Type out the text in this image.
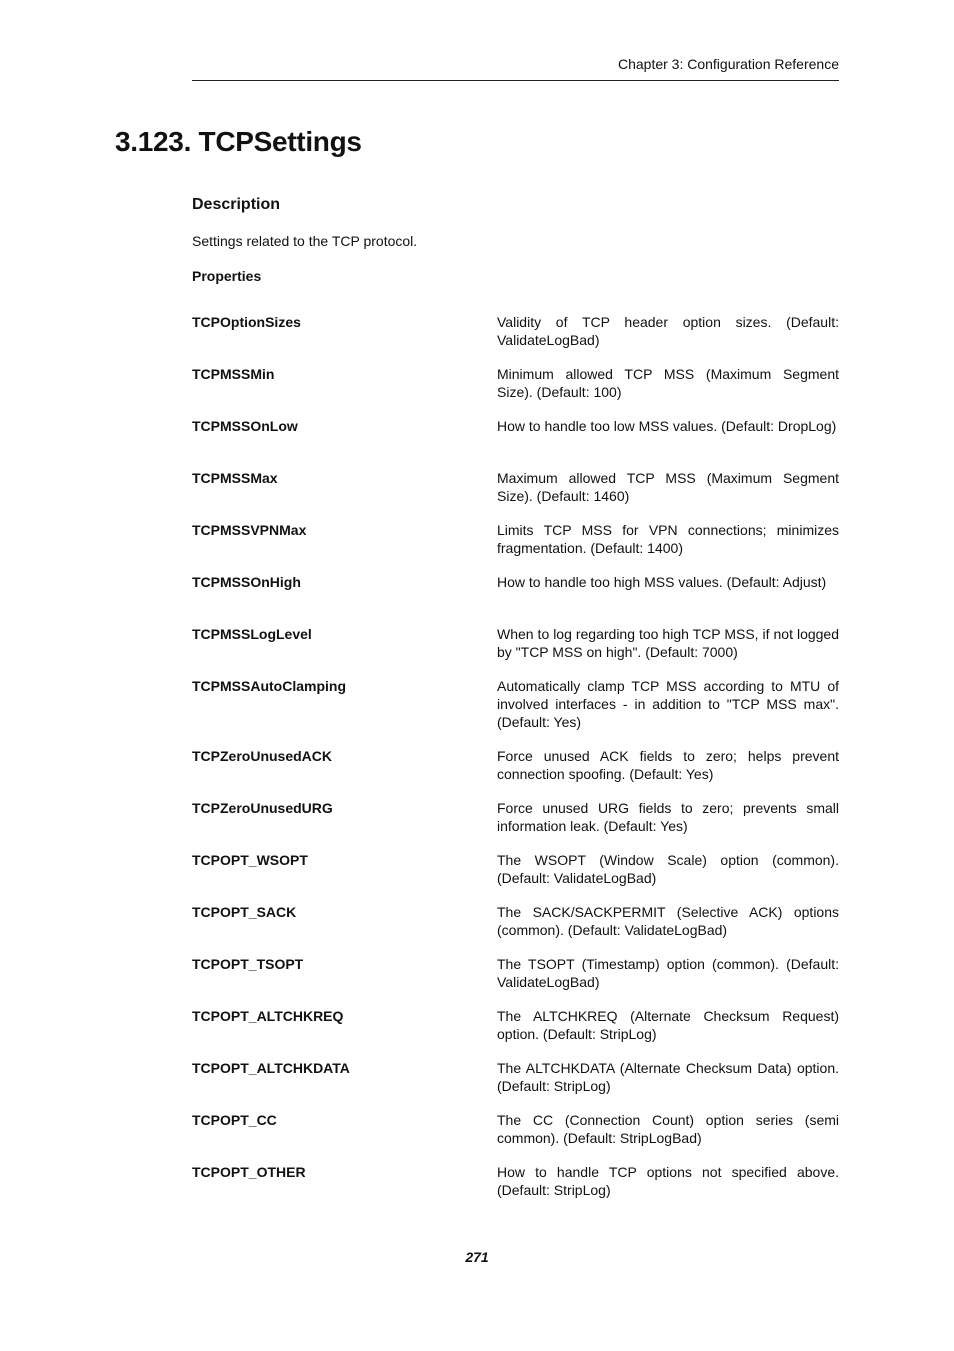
Chapter 3: Configuration Reference
3.123. TCPSettings
Description
Settings related to the TCP protocol.
Properties
TCPOptionSizes	Validity of TCP header option sizes. (Default: ValidateLogBad)
TCPMSSMin	Minimum allowed TCP MSS (Maximum Segment Size). (Default: 100)
TCPMSSOnLow	How to handle too low MSS values. (Default: DropLog)
TCPMSSMax	Maximum allowed TCP MSS (Maximum Segment Size). (Default: 1460)
TCPMSSVPNMax	Limits TCP MSS for VPN connections; minimizes fragmentation. (Default: 1400)
TCPMSSOnHigh	How to handle too high MSS values. (Default: Adjust)
TCPMSSLogLevel	When to log regarding too high TCP MSS, if not logged by "TCP MSS on high". (Default: 7000)
TCPMSSAutoClamping	Automatically clamp TCP MSS according to MTU of involved interfaces - in addition to "TCP MSS max". (Default: Yes)
TCPZeroUnusedACK	Force unused ACK fields to zero; helps prevent connection spoofing. (Default: Yes)
TCPZeroUnusedURG	Force unused URG fields to zero; prevents small information leak. (Default: Yes)
TCPOPT_WSOPT	The WSOPT (Window Scale) option (common). (Default: ValidateLogBad)
TCPOPT_SACK	The SACK/SACKPERMIT (Selective ACK) options (common). (Default: ValidateLogBad)
TCPOPT_TSOPT	The TSOPT (Timestamp) option (common). (Default: ValidateLogBad)
TCPOPT_ALTCHKREQ	The ALTCHKREQ (Alternate Checksum Request) option. (Default: StripLog)
TCPOPT_ALTCHKDATA	The ALTCHKDATA (Alternate Checksum Data) option. (Default: StripLog)
TCPOPT_CC	The CC (Connection Count) option series (semi common). (Default: StripLogBad)
TCPOPT_OTHER	How to handle TCP options not specified above. (Default: StripLog)
271
